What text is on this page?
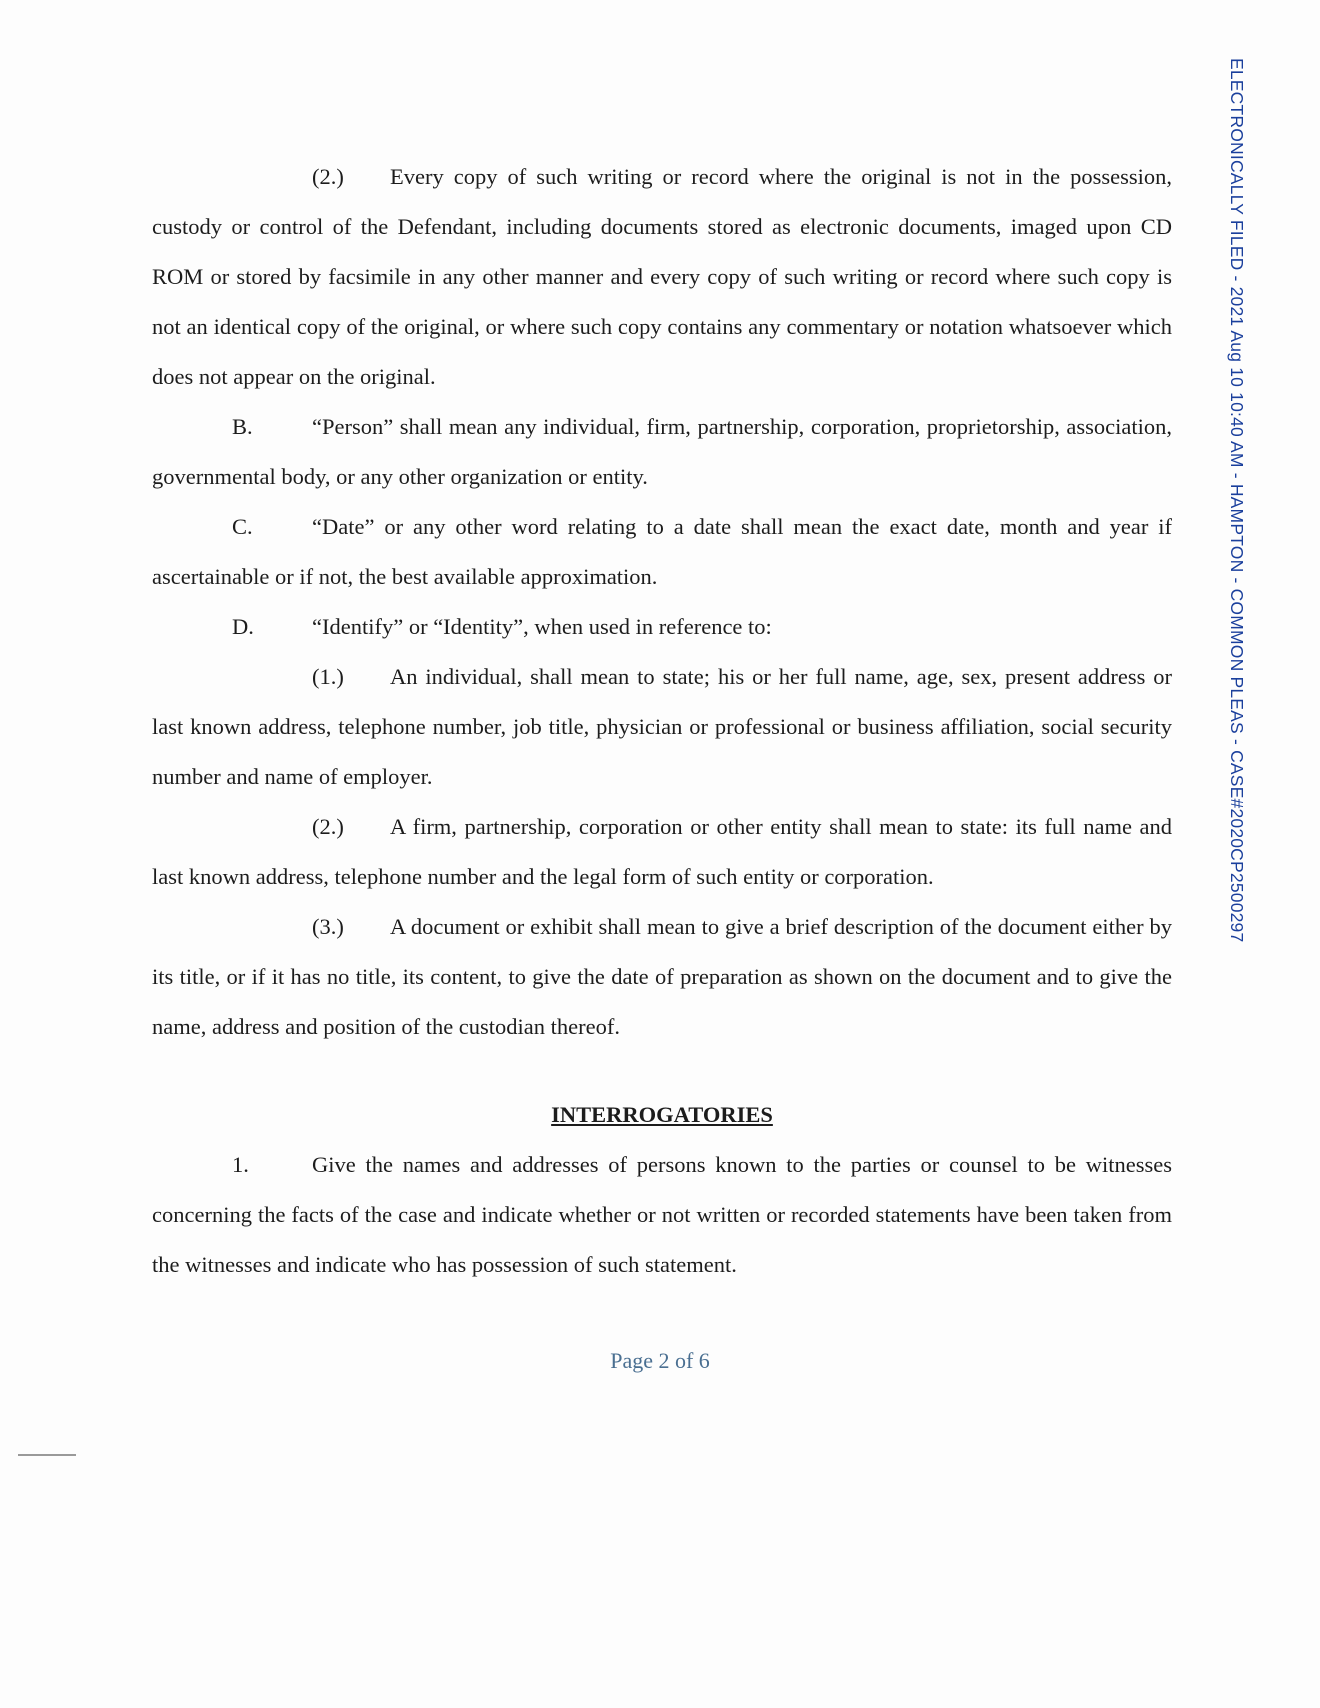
ELECTRONICALLY FILED - 2021 Aug 10 10:40 AM - HAMPTON - COMMON PLEAS - CASE#2020CP2500297

(2.) Every copy of such writing or record where the original is not in the possession, custody or control of the Defendant, including documents stored as electronic documents, imaged upon CD ROM or stored by facsimile in any other manner and every copy of such writing or record where such copy is not an identical copy of the original, or where such copy contains any commentary or notation whatsoever which does not appear on the original.

B.	“Person” shall mean any individual, firm, partnership, corporation, proprietorship, association, governmental body, or any other organization or entity.

C.	“Date” or any other word relating to a date shall mean the exact date, month and year if ascertainable or if not, the best available approximation.

D.	“Identify” or “Identity”, when used in reference to:

(1.) An individual, shall mean to state; his or her full name, age, sex, present address or last known address, telephone number, job title, physician or professional or business affiliation, social security number and name of employer.

(2.) A firm, partnership, corporation or other entity shall mean to state: its full name and last known address, telephone number and the legal form of such entity or corporation.

(3.) A document or exhibit shall mean to give a brief description of the document either by its title, or if it has no title, its content, to give the date of preparation as shown on the document and to give the name, address and position of the custodian thereof.

INTERROGATORIES

1.	Give the names and addresses of persons known to the parties or counsel to be witnesses concerning the facts of the case and indicate whether or not written or recorded statements have been taken from the witnesses and indicate who has possession of such statement.

Page 2 of 6
